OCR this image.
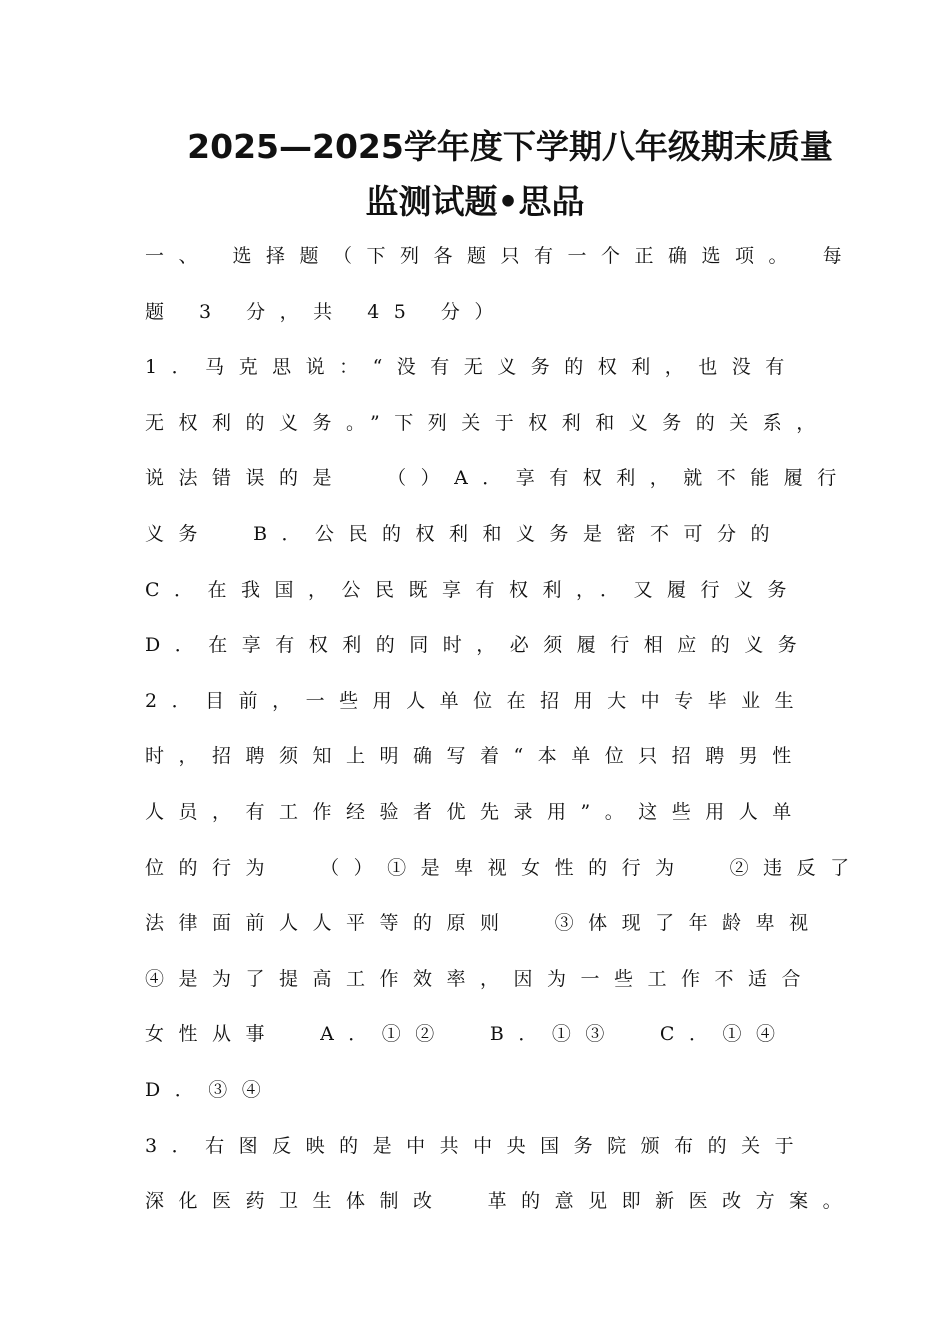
2025—2025学年度下学期八年级期末质量
监测试题•思品
一、 选择题（下列各题只有一个正确选项。 每
题 3 分，共 45 分）
1．马克思说：“没有无义务的权利，也没有
无权利的义务。”下列关于权利和义务的关系，
说法错误的是  （）A．享有权利，就不能履行
义务  B．公民的权利和义务是密不可分的
C．在我国，公民既享有权利，．又履行义务
D．在享有权利的同时，必须履行相应的义务
2．目前，一些用人单位在招用大中专毕业生
时，招聘须知上明确写着“本单位只招聘男性
人员，有工作经验者优先录用”。这些用人单
位的行为  （）①是卑视女性的行为  ②违反了
法律面前人人平等的原则  ③体现了年龄卑视
④是为了提高工作效率，因为一些工作不适合
女性从事  A．①②  B．①③  C．①④
D．③④
3．右图反映的是中共中央国务院颁布的关于
深化医药卫生体制改  革的意见即新医改方案。
